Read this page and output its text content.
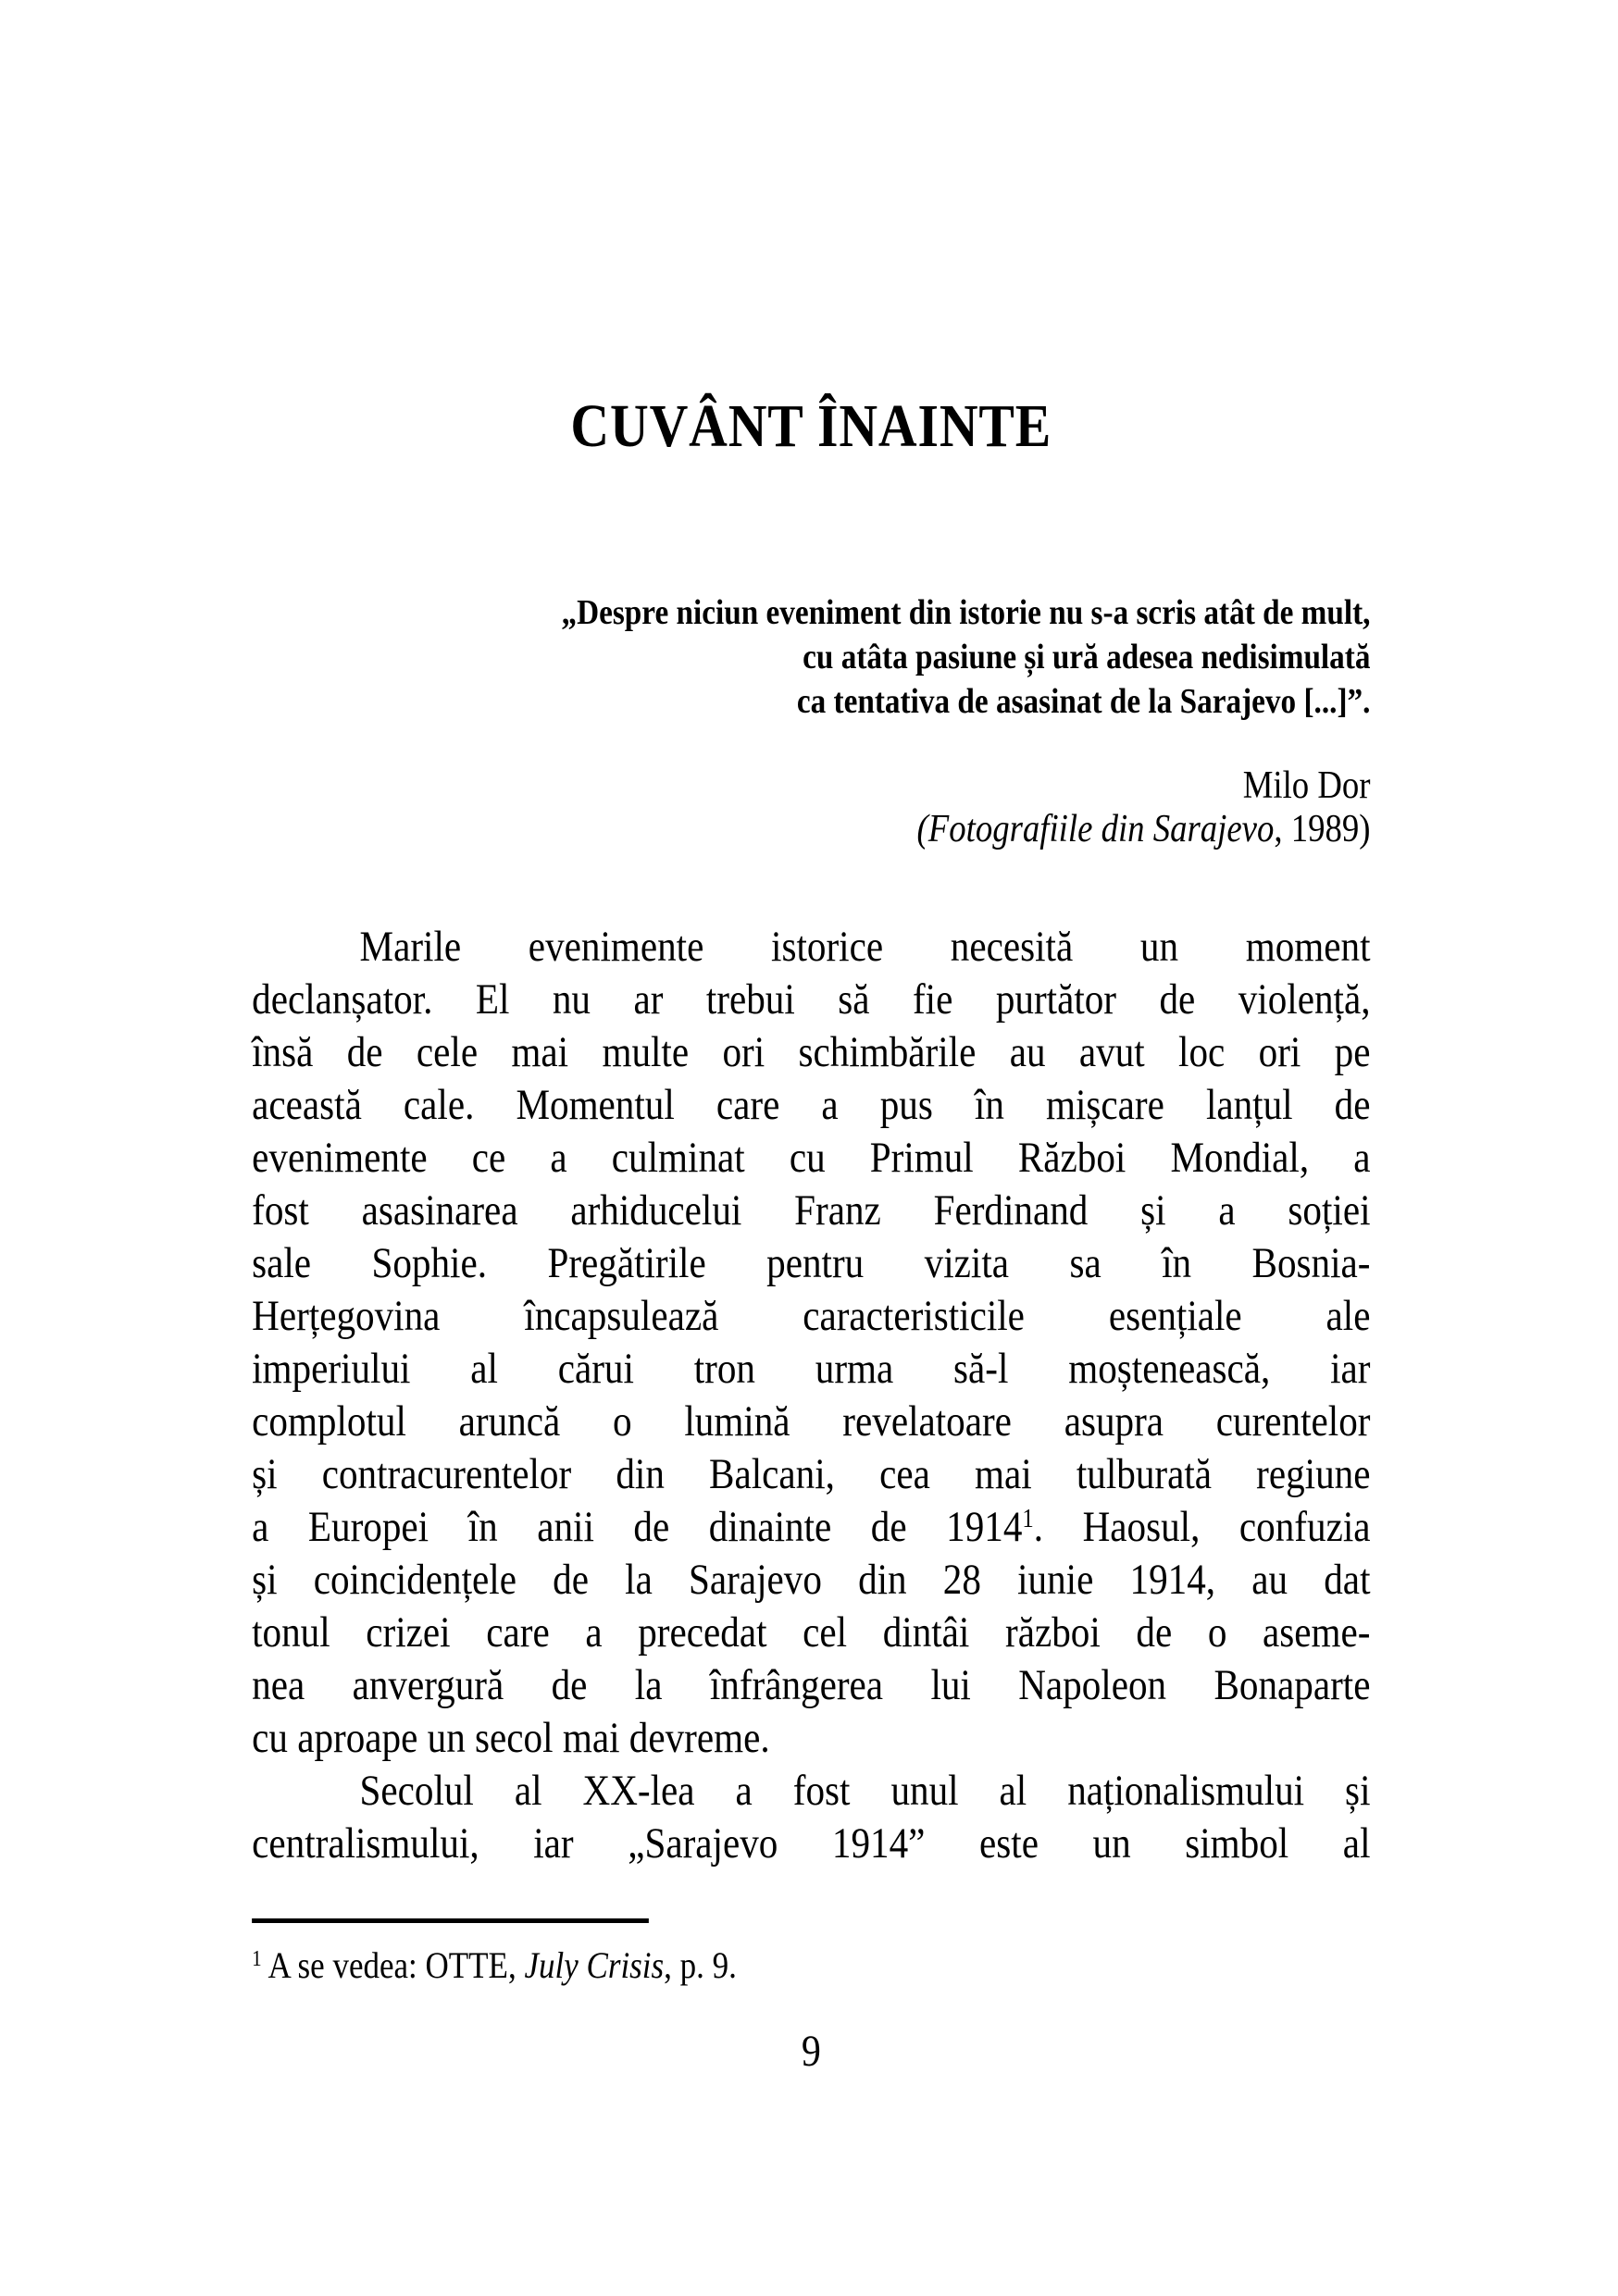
CUVÂNT ÎNAINTE
„Despre niciun eveniment din istorie nu s-a scris atât de mult,
cu atâta pasiune și ură adesea nedisimulată
ca tentativa de asasinat de la Sarajevo [...]”.
Milo Dor
(Fotografiile din Sarajevo, 1989)
Marile evenimente istorice necesită un moment
declanșator. El nu ar trebui să fie purtător de violență,
însă de cele mai multe ori schimbările au avut loc ori pe
această cale. Momentul care a pus în mișcare lanțul de
evenimente ce a culminat cu Primul Război Mondial, a
fost asasinarea arhiducelui Franz Ferdinand și a soției
sale Sophie. Pregătirile pentru vizita sa în Bosnia-
Herțegovina încapsulează caracteristicile esențiale ale
imperiului al cărui tron urma să-l moștenească, iar
complotul aruncă o lumină revelatoare asupra curentelor
și contracurentelor din Balcani, cea mai tulburată regiune
a Europei în anii de dinainte de 1914$^1$. Haosul, confuzia
și coincidențele de la Sarajevo din 28 iunie 1914, au dat
tonul crizei care a precedat cel dintâi război de o aseme-
nea anvergură de la înfrângerea lui Napoleon Bonaparte
cu aproape un secol mai devreme.
Secolul al XX-lea a fost unul al naționalismului și
centralismului, iar „Sarajevo 1914” este un simbol al
$^1$ A se vedea: OTTE, July Crisis, p. 9.
9
